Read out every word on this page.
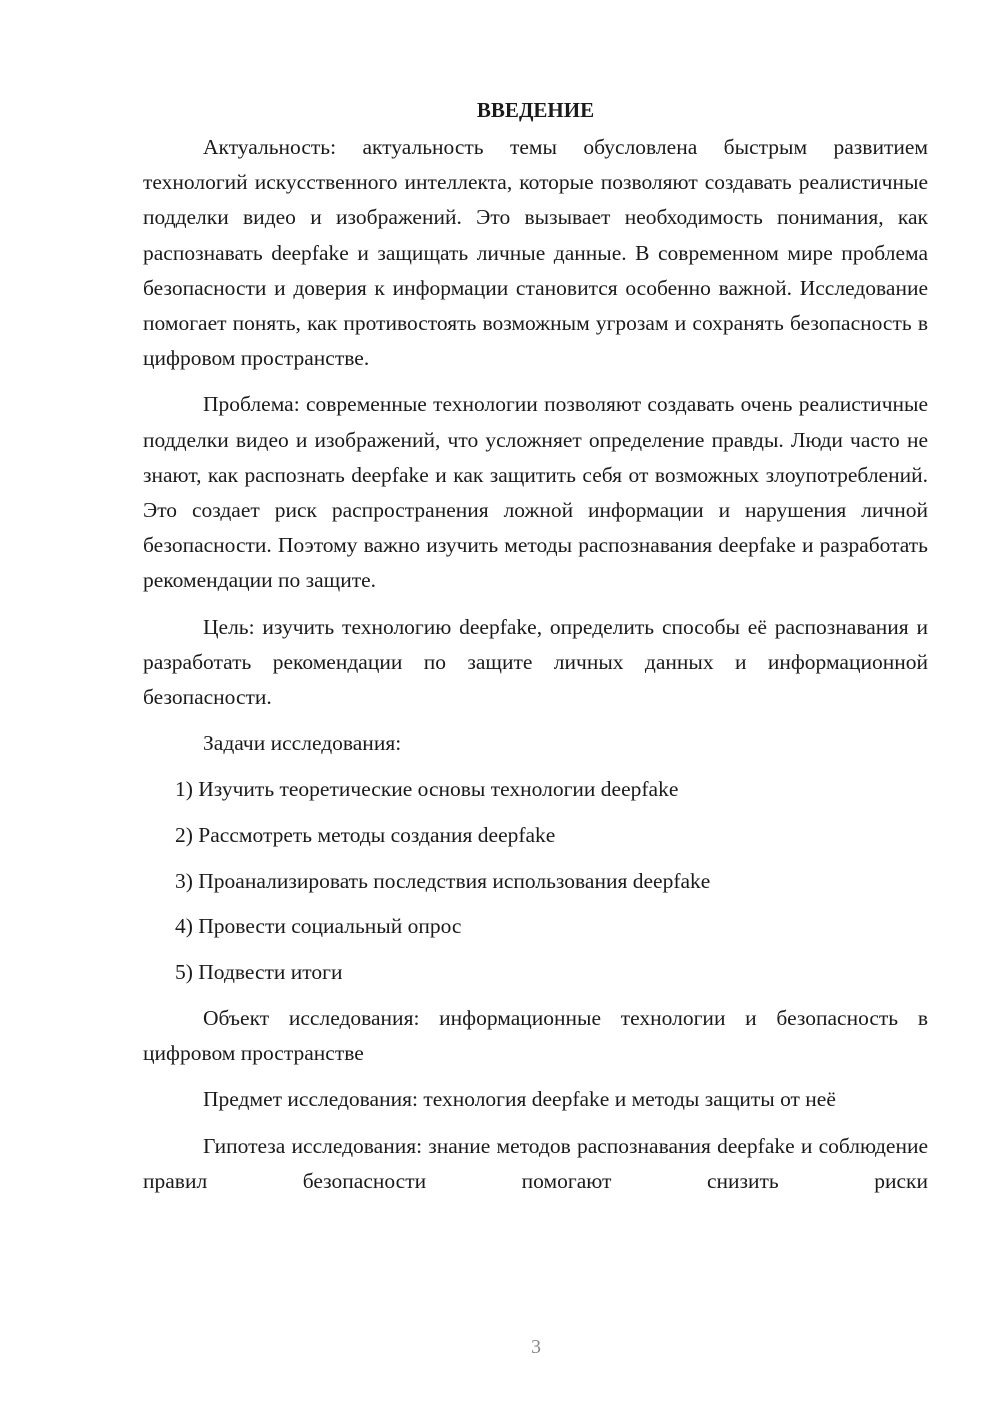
ВВЕДЕНИЕ

Актуальность: актуальность темы обусловлена быстрым развитием технологий искусственного интеллекта, которые позволяют создавать реалистичные подделки видео и изображений. Это вызывает необходимость понимания, как распознавать deepfake и защищать личные данные. В современном мире проблема безопасности и доверия к информации становится особенно важной. Исследование помогает понять, как противостоять возможным угрозам и сохранять безопасность в цифровом пространстве.

Проблема: современные технологии позволяют создавать очень реалистичные подделки видео и изображений, что усложняет определение правды. Люди часто не знают, как распознать deepfake и как защитить себя от возможных злоупотреблений. Это создает риск распространения ложной информации и нарушения личной безопасности. Поэтому важно изучить методы распознавания deepfake и разработать рекомендации по защите.

Цель: изучить технологию deepfake, определить способы её распознавания и разработать рекомендации по защите личных данных и информационной безопасности.

Задачи исследования:

1) Изучить теоретические основы технологии deepfake
2) Рассмотреть методы создания deepfake
3) Проанализировать последствия использования deepfake
4) Провести социальный опрос
5) Подвести итоги

Объект исследования: информационные технологии и безопасность в цифровом пространстве

Предмет исследования: технология deepfake и методы защиты от неё

Гипотеза исследования: знание методов распознавания deepfake и соблюдение правил безопасности помогают снизить риски

3
